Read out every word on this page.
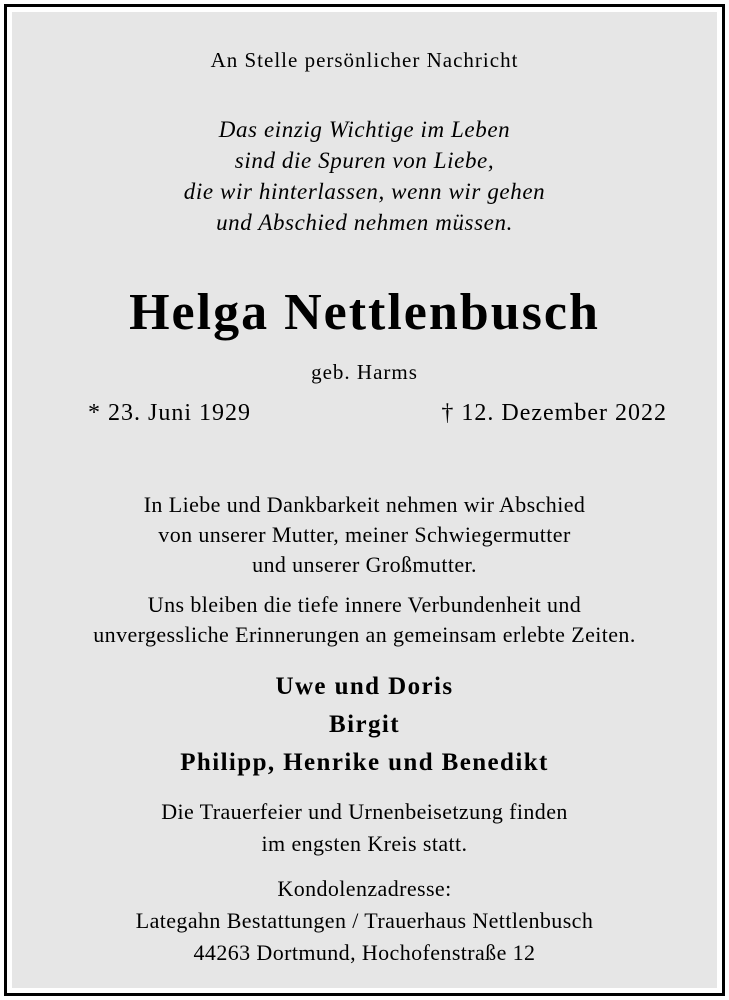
An Stelle persönlicher Nachricht
Das einzig Wichtige im Leben
sind die Spuren von Liebe,
die wir hinterlassen, wenn wir gehen
und Abschied nehmen müssen.
Helga Nettlenbusch
geb. Harms
* 23. Juni 1929	† 12. Dezember 2022
In Liebe und Dankbarkeit nehmen wir Abschied
von unserer Mutter, meiner Schwiegermutter
und unserer Großmutter.
Uns bleiben die tiefe innere Verbundenheit und
unvergessliche Erinnerungen an gemeinsam erlebte Zeiten.
Uwe und Doris
Birgit
Philipp, Henrike und Benedikt
Die Trauerfeier und Urnenbeisetzung finden
im engsten Kreis statt.
Kondolenzadresse:
Lategahn Bestattungen / Trauerhaus Nettlenbusch
44263 Dortmund, Hochofenstraße 12
